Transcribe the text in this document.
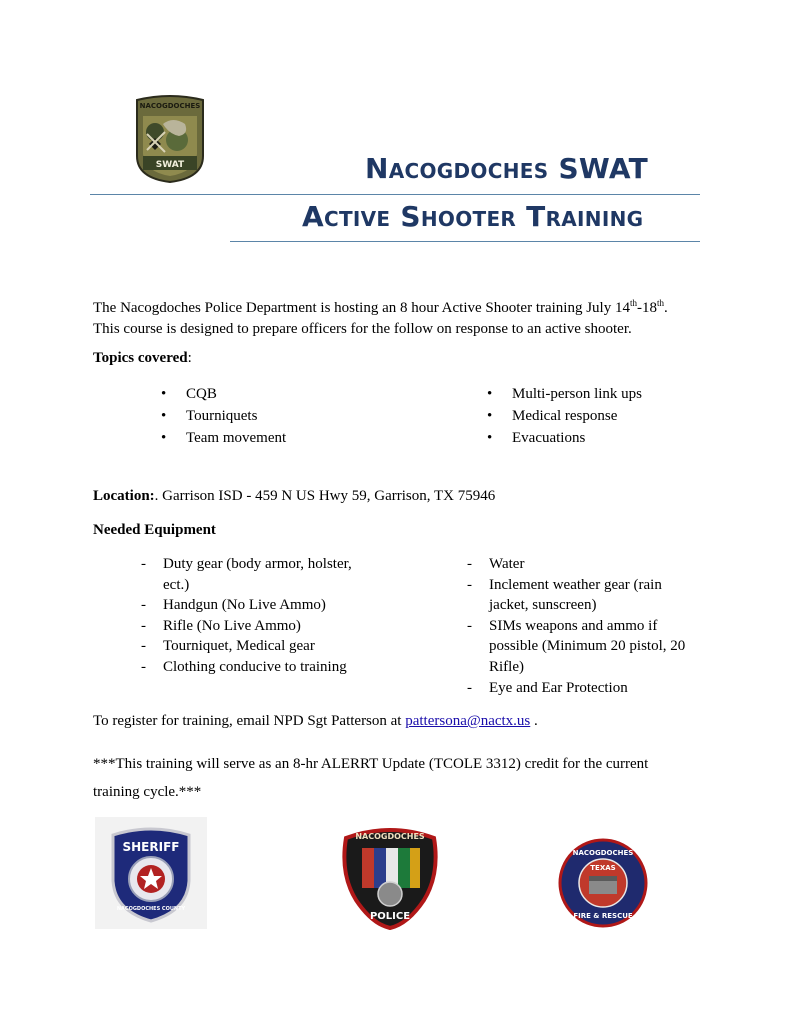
NACOGDOCHES
SWAT	Nacogdoches SWAT
Active Shooter Training
The Nacogdoches Police Department is hosting an 8 hour Active Shooter training July 14th-18th.
This course is designed to prepare officers for the follow on response to an active shooter.
Topics covered:
• CQB
• Tourniquets
• Team movement
• Multi-person link ups
• Medical response
• Evacuations
Location:. Garrison ISD - 459 N US Hwy 59, Garrison, TX 75946
Needed Equipment
- Duty gear (body armor, holster, ect.)
- Handgun (No Live Ammo)
- Rifle (No Live Ammo)
- Tourniquet, Medical gear
- Clothing conducive to training
- Water
- Inclement weather gear (rain jacket, sunscreen)
- SIMs weapons and ammo if possible (Minimum 20 pistol, 20 Rifle)
- Eye and Ear Protection
To register for training, email NPD Sgt Patterson at pattersona@nactx.us .
***This training will serve as an 8-hr ALERRT Update (TCOLE 3312) credit for the current
training cycle.***
SHERIFF
NACOGDOCHES COUNTY
NACOGDOCHES
POLICE
NACOGDOCHES
TEXAS
FIRE & RESCUE
